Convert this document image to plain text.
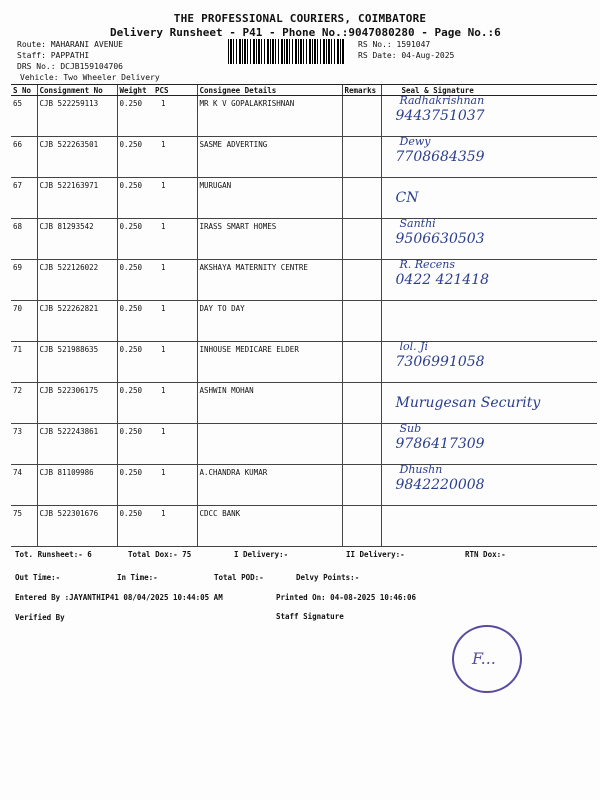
THE PROFESSIONAL COURIERS, COIMBATORE
Delivery Runsheet - P41 - Phone No.:9047080280 - Page No.:6
Route: MAHARANI AVENUE
Staff: PAPPATHI
DRS No.: DCJB159104706
Vehicle: Two Wheeler Delivery
RS No.: 1591047
RS Date: 04-Aug-2025
S No	Consignment No	Weight	PCS	Consignee Details	Remarks	Seal & Signature
65	CJB 522259113	0.250	1	MR K V GOPALAKRISHNAN		Radhakrishnan
9443751037

66	CJB 522263501	0.250	1	SASME ADVERTING		Dewy
7708684359

67	CJB 522163971	0.250	1	MURUGAN		CN

68	CJB 81293542	0.250	1	IRASS SMART HOMES		Santhi
9506630503

69	CJB 522126022	0.250	1	AKSHAYA MATERNITY CENTRE		R. Recens
0422 421418

70	CJB 522262821	0.250	1	DAY TO DAY		

71	CJB 521988635	0.250	1	INHOUSE MEDICARE ELDER		lol. Ji
7306991058

72	CJB 522306175	0.250	1	ASHWIN MOHAN		Murugesan Security

73	CJB 522243861	0.250	1			Sub
9786417309

74	CJB 81109986	0.250	1	A.CHANDRA KUMAR		Dhushn
9842220008

75	CJB 522301676	0.250	1	CDCC BANK		
F...
Tot. Runsheet:- 6	Total Dox:- 75	I Delivery:-	II Delivery:-	RTN Dox:-
Out Time:-	In Time:-	Total POD:-	Delvy Points:-
Entered By :JAYANTHIP41 08/04/2025 10:44:05 AM	Printed On: 04-08-2025 10:46:06
Verified By	Staff Signature
